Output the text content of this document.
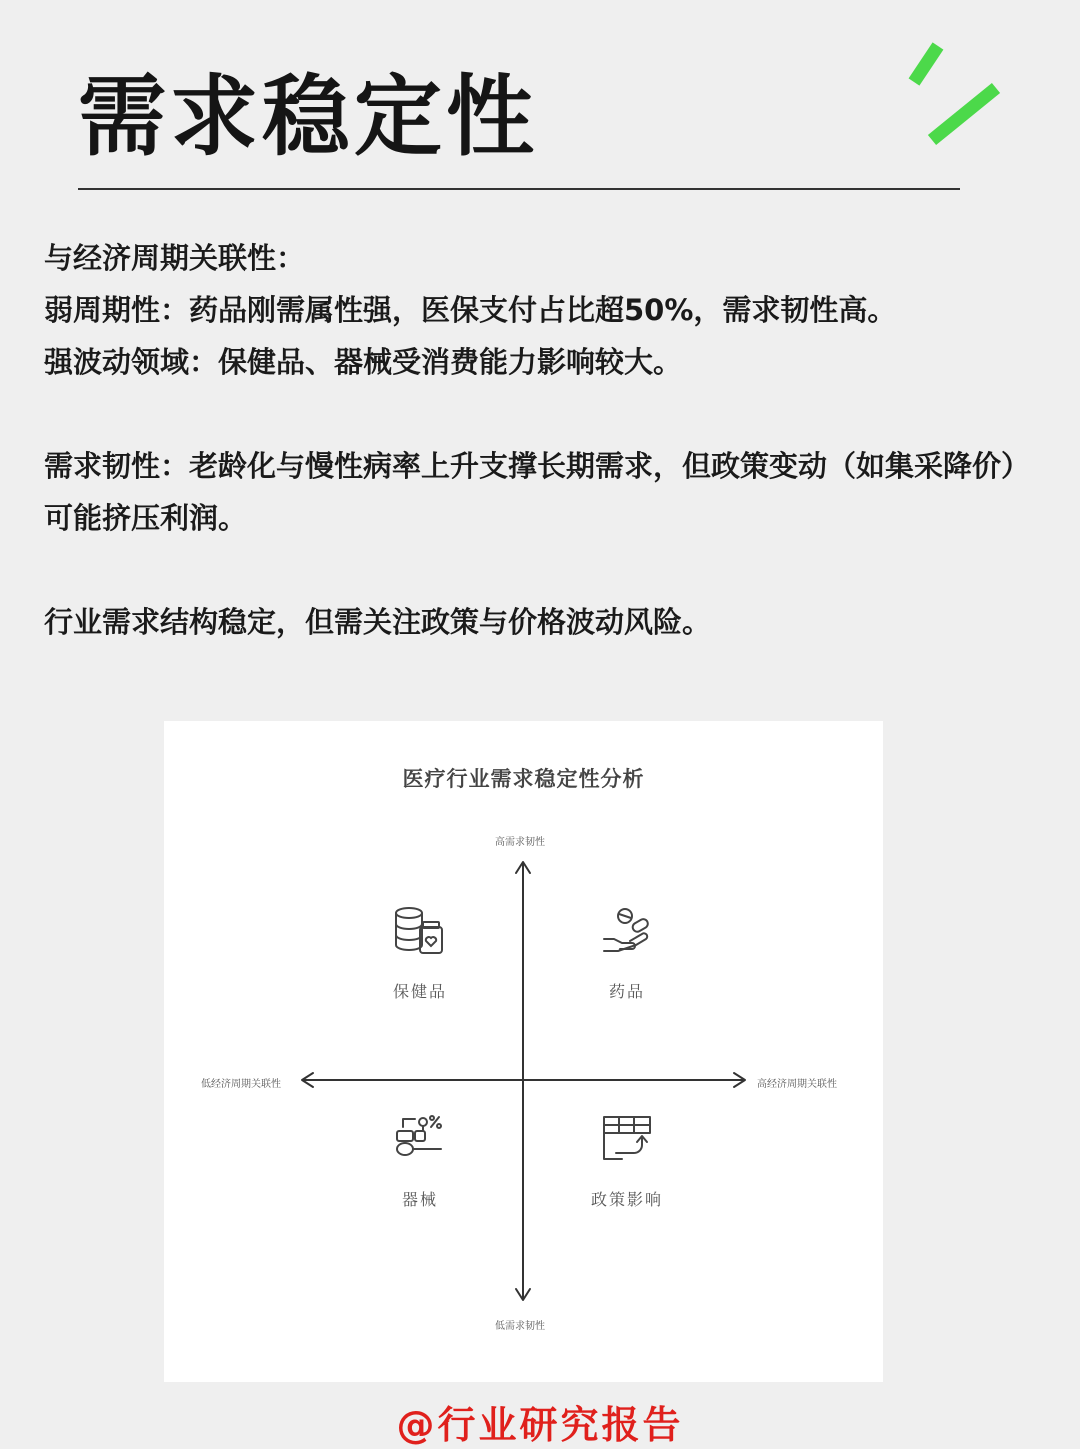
需求稳定性

与经济周期关联性：

弱周期性：药品刚需属性强，医保支付占比超50%，需求韧性高。

强波动领域：保健品、器械受消费能力影响较大。

需求韧性：老龄化与慢性病率上升支撑长期需求，但政策变动（如集采降价）可能挤压利润。

行业需求结构稳定，但需关注政策与价格波动风险。

医疗行业需求稳定性分析
高需求韧性
低需求韧性
低经济周期关联性	高经济周期关联性
保健品	药品
器械	政策影响
@行业研究报告
